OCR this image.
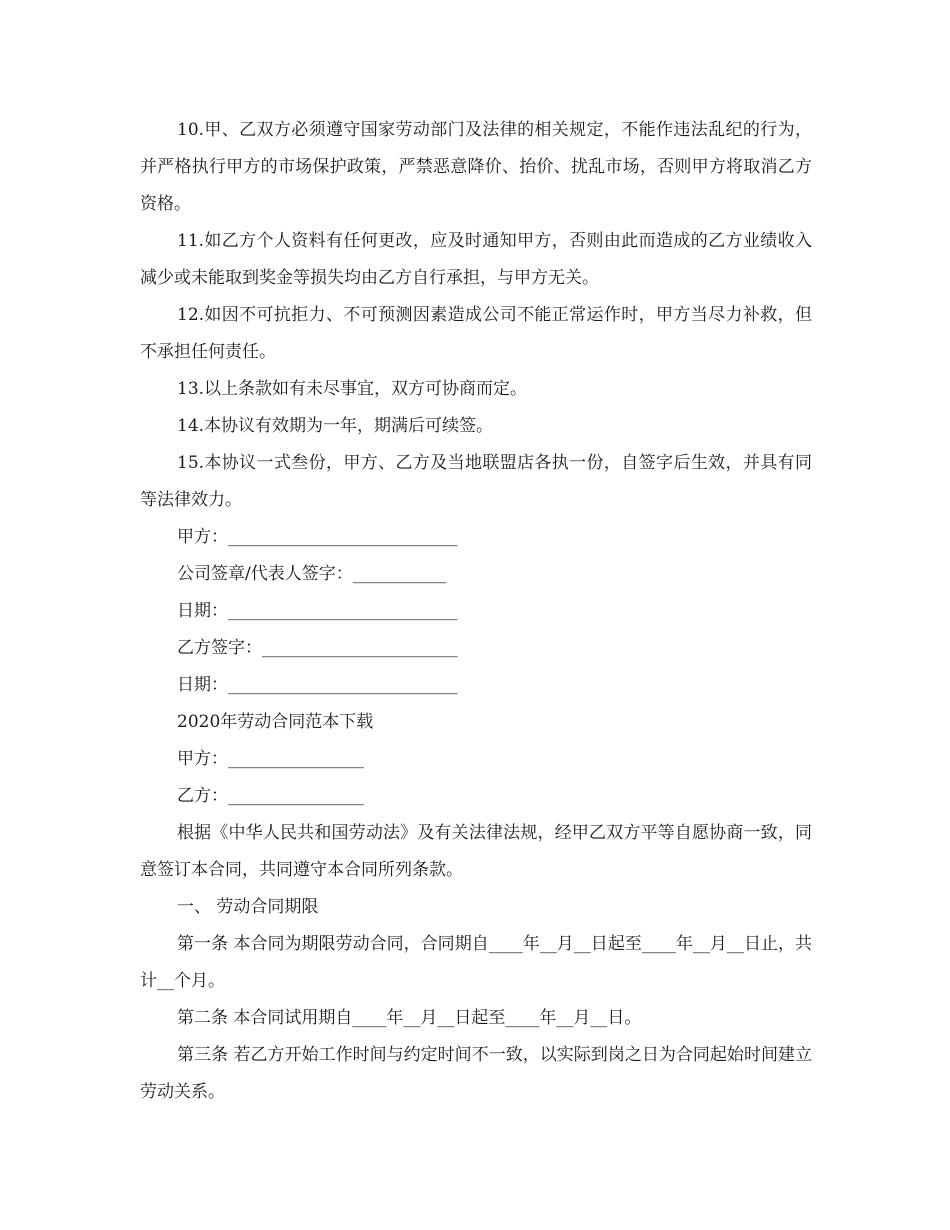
10.甲、乙双方必须遵守国家劳动部门及法律的相关规定，不能作违法乱纪的行为，并严格执行甲方的市场保护政策，严禁恶意降价、抬价、扰乱市场，否则甲方将取消乙方资格。

11.如乙方个人资料有任何更改，应及时通知甲方，否则由此而造成的乙方业绩收入减少或未能取到奖金等损失均由乙方自行承担，与甲方无关。

12.如因不可抗拒力、不可预测因素造成公司不能正常运作时，甲方当尽力补救，但不承担任何责任。

13.以上条款如有未尽事宜，双方可协商而定。

14.本协议有效期为一年，期满后可续签。

15.本协议一式叁份，甲方、乙方及当地联盟店各执一份，自签字后生效，并具有同等法律效力。

甲方：___________________________
公司签章/代表人签字：___________
日期：___________________________
乙方签字：_______________________
日期：___________________________
2020年劳动合同范本下载
甲方：________________
乙方：________________

根据《中华人民共和国劳动法》及有关法律法规，经甲乙双方平等自愿协商一致，同意签订本合同，共同遵守本合同所列条款。

一、 劳动合同期限

第一条 本合同为期限劳动合同，合同期自____年__月__日起至____年__月__日止，共计__个月。

第二条 本合同试用期自____年__月__日起至____年__月__日。

第三条 若乙方开始工作时间与约定时间不一致，以实际到岗之日为合同起始时间建立劳动关系。
